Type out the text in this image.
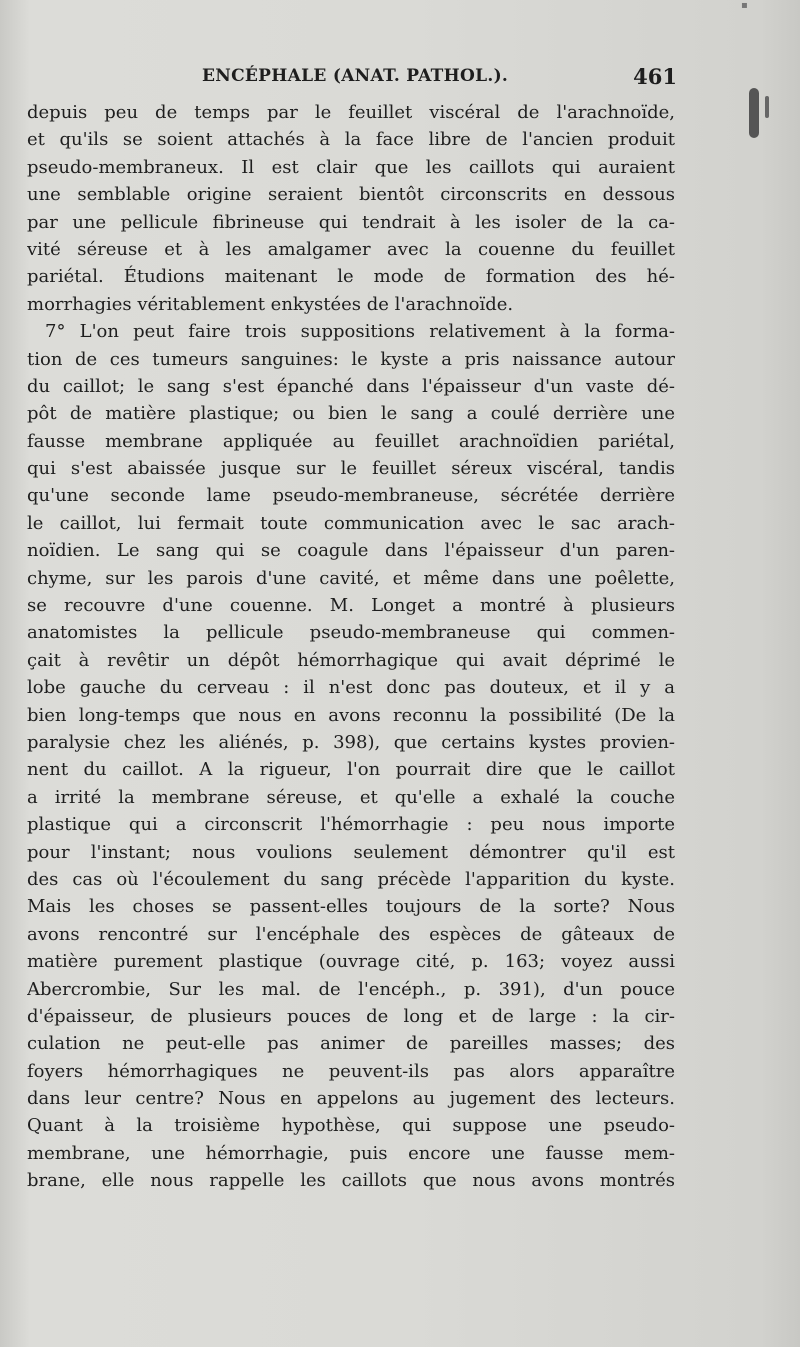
▪
ENCÉPHALE (ANAT. PATHOL.).	461
depuis peu de temps par le feuillet viscéral de l'arachnoïde,
et qu'ils se soient attachés à la face libre de l'ancien produit
pseudo-membraneux. Il est clair que les caillots qui auraient
une semblable origine seraient bientôt circonscrits en dessous
par une pellicule fibrineuse qui tendrait à les isoler de la ca-
vité séreuse et à les amalgamer avec la couenne du feuillet
pariétal. Étudions maitenant le mode de formation des hé-
morrhagies véritablement enkystées de l'arachnoïde.
7° L'on peut faire trois suppositions relativement à la forma-
tion de ces tumeurs sanguines: le kyste a pris naissance autour
du caillot; le sang s'est épanché dans l'épaisseur d'un vaste dé-
pôt de matière plastique; ou bien le sang a coulé derrière une
fausse membrane appliquée au feuillet arachnoïdien pariétal,
qui s'est abaissée jusque sur le feuillet séreux viscéral, tandis
qu'une seconde lame pseudo-membraneuse, sécrétée derrière
le caillot, lui fermait toute communication avec le sac arach-
noïdien. Le sang qui se coagule dans l'épaisseur d'un paren-
chyme, sur les parois d'une cavité, et même dans une poêlette,
se recouvre d'une couenne. M. Longet a montré à plusieurs
anatomistes la pellicule pseudo-membraneuse qui commen-
çait à revêtir un dépôt hémorrhagique qui avait déprimé le
lobe gauche du cerveau : il n'est donc pas douteux, et il y a
bien long-temps que nous en avons reconnu la possibilité (De la
paralysie chez les aliénés, p. 398), que certains kystes provien-
nent du caillot. A la rigueur, l'on pourrait dire que le caillot
a irrité la membrane séreuse, et qu'elle a exhalé la couche
plastique qui a circonscrit l'hémorrhagie : peu nous importe
pour l'instant; nous voulions seulement démontrer qu'il est
des cas où l'écoulement du sang précède l'apparition du kyste.
Mais les choses se passent-elles toujours de la sorte? Nous
avons rencontré sur l'encéphale des espèces de gâteaux de
matière purement plastique (ouvrage cité, p. 163; voyez aussi
Abercrombie, Sur les mal. de l'encéph., p. 391), d'un pouce
d'épaisseur, de plusieurs pouces de long et de large : la cir-
culation ne peut-elle pas animer de pareilles masses; des
foyers hémorrhagiques ne peuvent-ils pas alors apparaître
dans leur centre? Nous en appelons au jugement des lecteurs.
Quant à la troisième hypothèse, qui suppose une pseudo-
membrane, une hémorrhagie, puis encore une fausse mem-
brane, elle nous rappelle les caillots que nous avons montrés
